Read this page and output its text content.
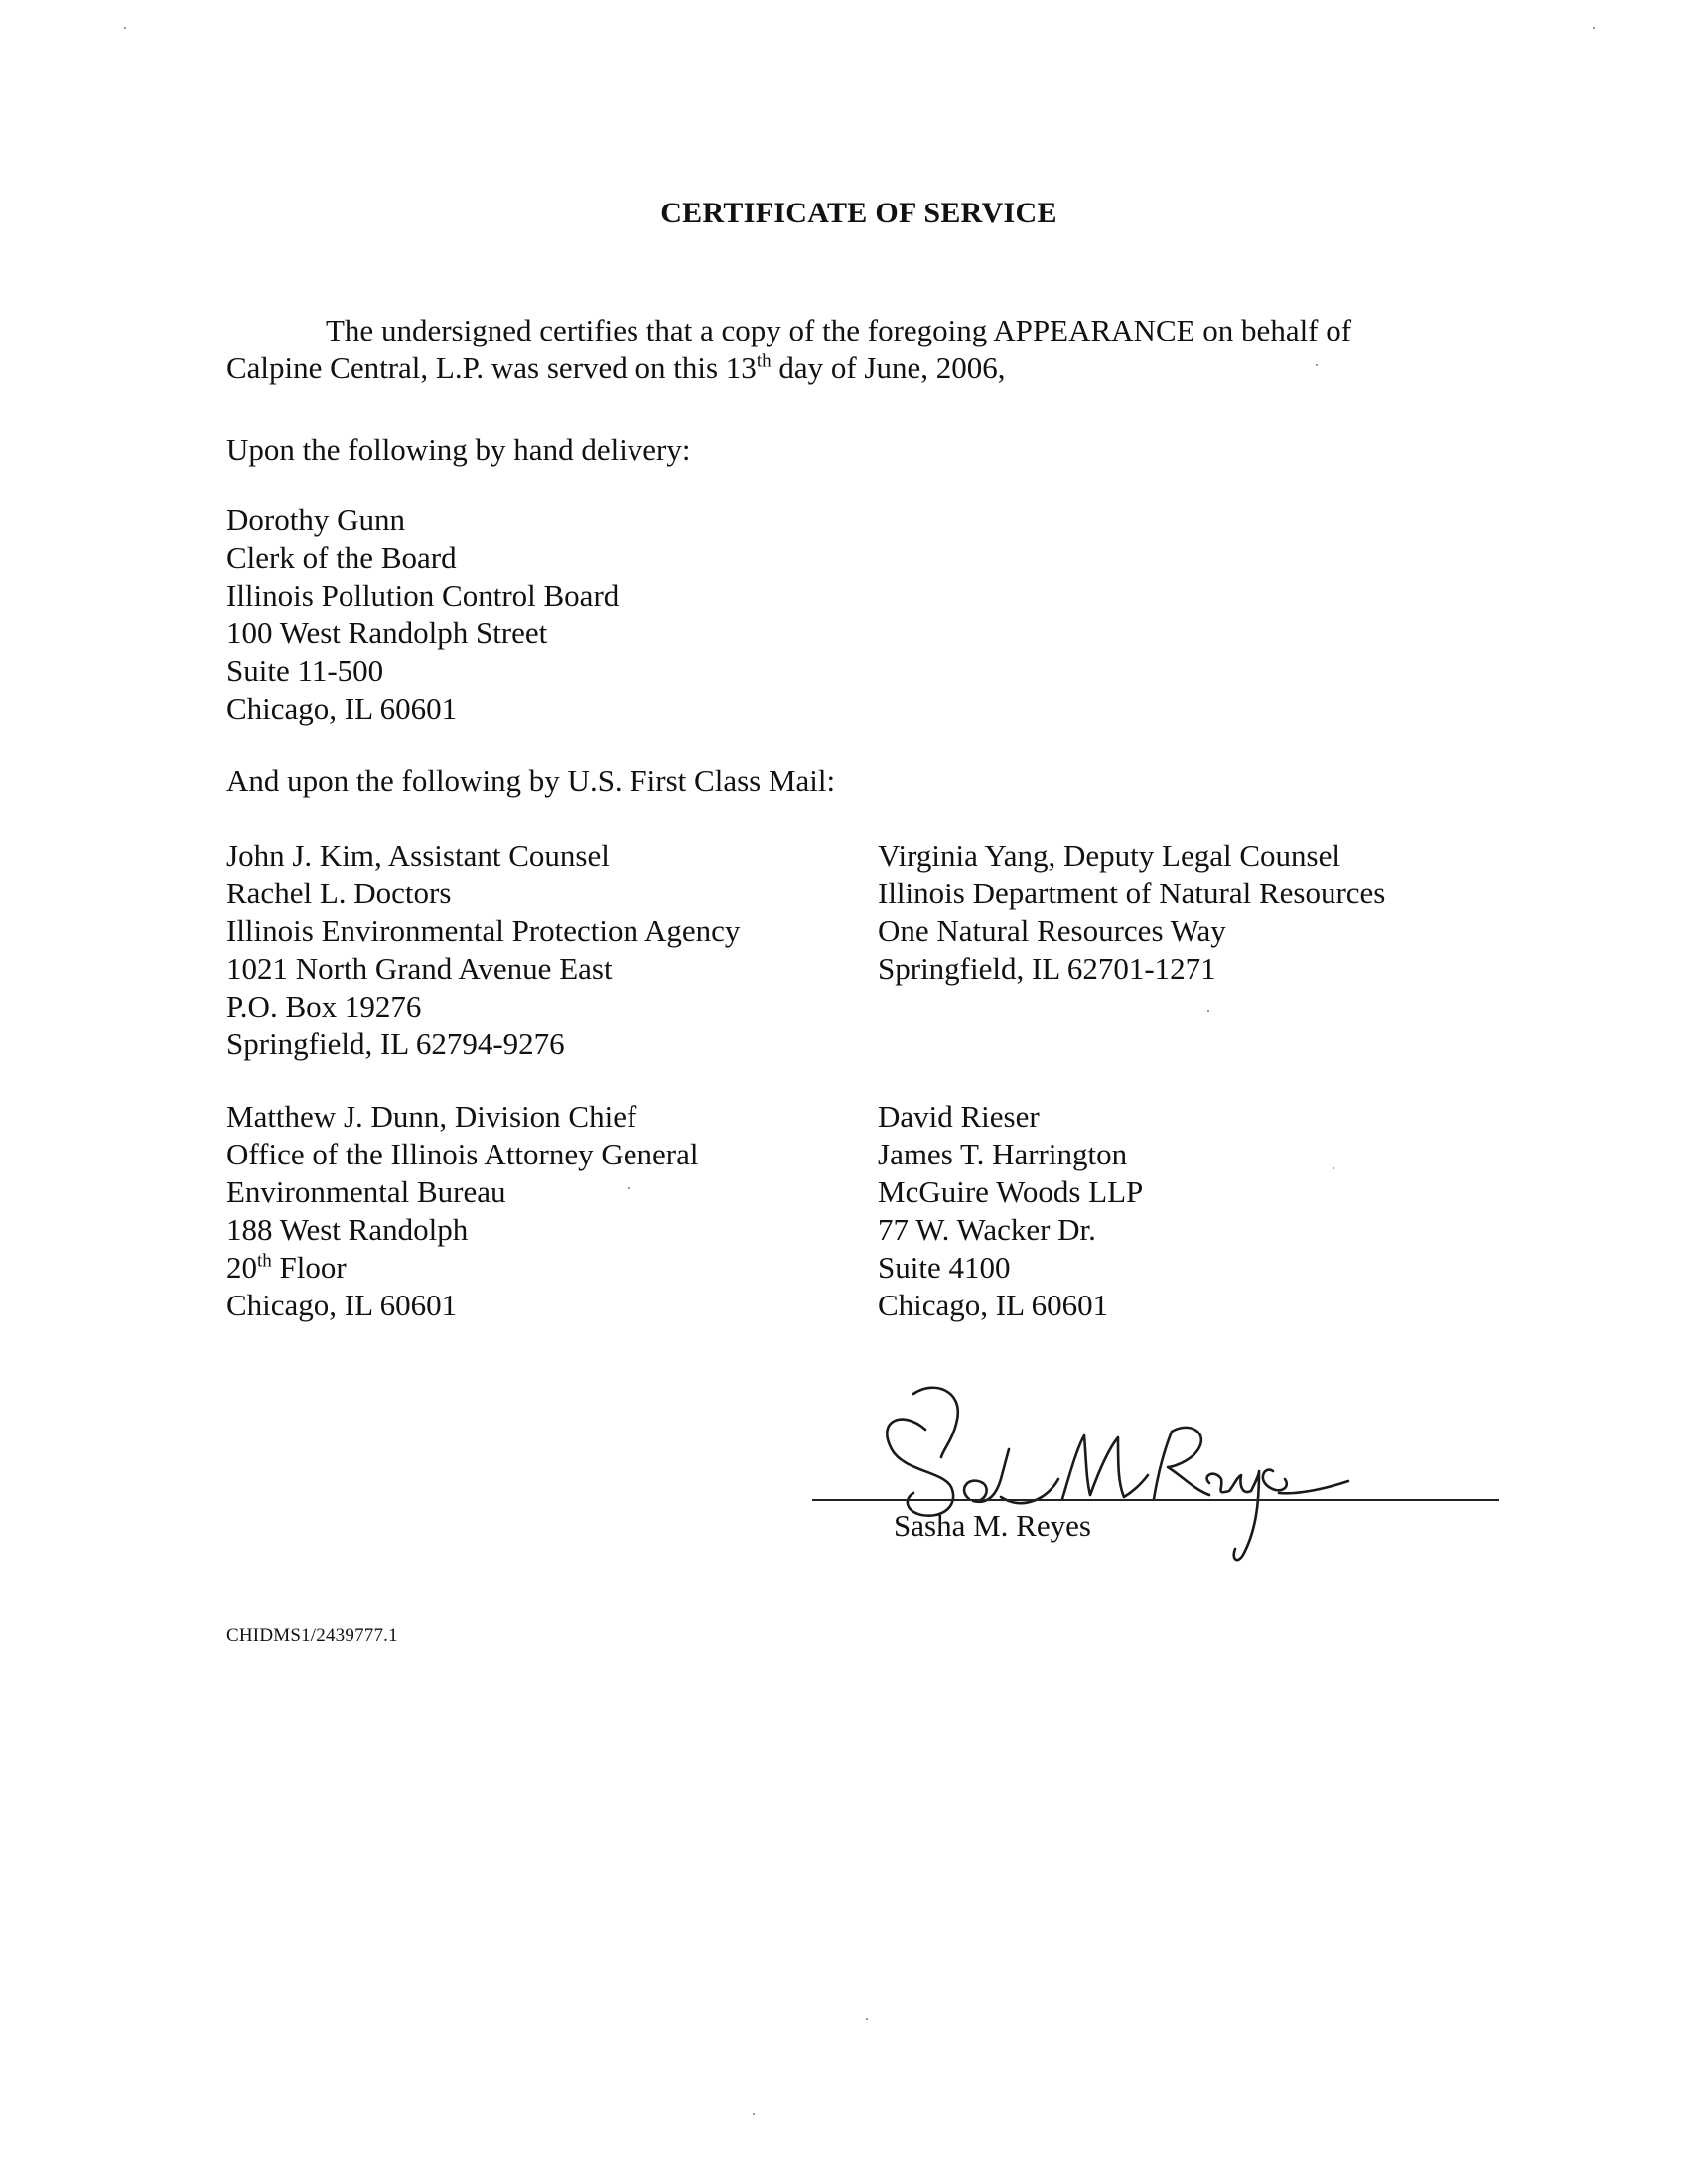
CERTIFICATE OF SERVICE
The undersigned certifies that a copy of the foregoing APPEARANCE on behalf of
Calpine Central, L.P. was served on this 13th day of June, 2006,
Upon the following by hand delivery:
Dorothy Gunn
Clerk of the Board
Illinois Pollution Control Board
100 West Randolph Street
Suite 11-500
Chicago, IL 60601
And upon the following by U.S. First Class Mail:
John J. Kim, Assistant Counsel
Rachel L. Doctors
Illinois Environmental Protection Agency
1021 North Grand Avenue East
P.O. Box 19276
Springfield, IL 62794-9276
Virginia Yang, Deputy Legal Counsel
Illinois Department of Natural Resources
One Natural Resources Way
Springfield, IL 62701-1271
Matthew J. Dunn, Division Chief
Office of the Illinois Attorney General
Environmental Bureau
188 West Randolph
20th Floor
Chicago, IL 60601
David Rieser
James T. Harrington
McGuire Woods LLP
77 W. Wacker Dr.
Suite 4100
Chicago, IL 60601
Sasha M. Reyes
CHIDMS1/2439777.1
